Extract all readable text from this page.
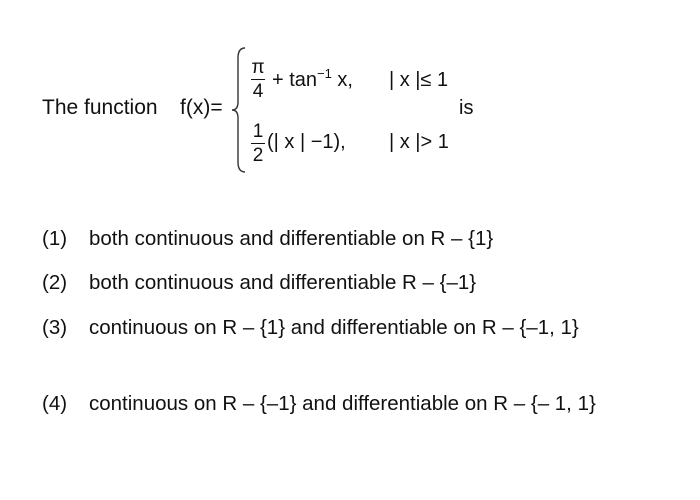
The function f(x)=
π
4
+ $\tan^{-1} x$, | x |≤ 1
1
2
(| x | −1), | x |> 1
is
(1)	both continuous and differentiable on R – {1}
(2)	both continuous and differentiable R – {–1}
(3)	continuous on R – {1} and differentiable on R – {–1, 1}
(4)	continuous on R – {–1} and differentiable on R – {– 1, 1}
